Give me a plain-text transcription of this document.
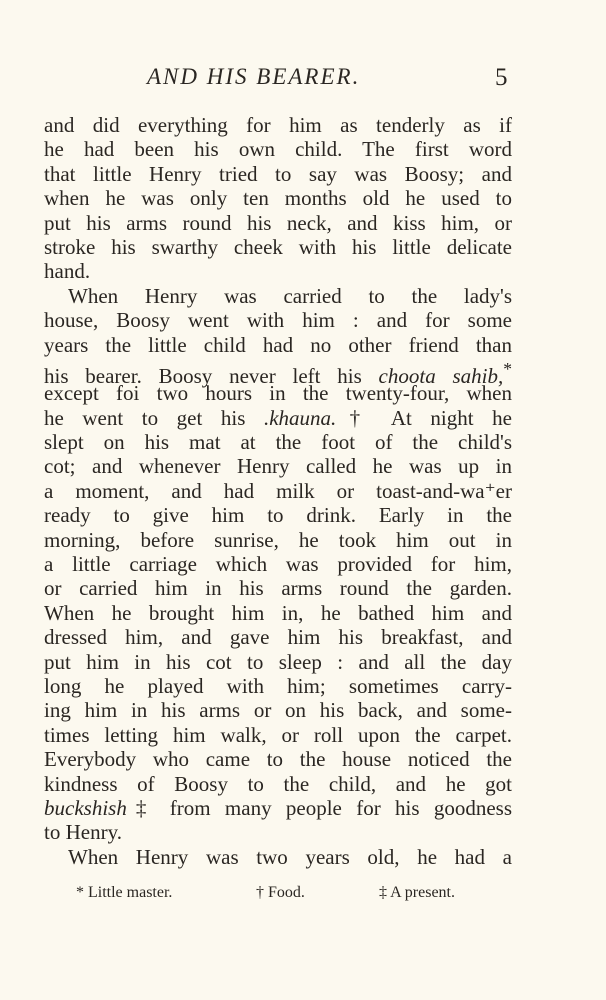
AND HIS BEARER.	5
and did everything for him as tenderly as if
he had been his own child. The first word
that little Henry tried to say was Boosy; and
when he was only ten months old he used to
put his arms round his neck, and kiss him, or
stroke his swarthy cheek with his little delicate
hand.
When Henry was carried to the lady's
house, Boosy went with him : and for some
years the little child had no other friend than
his bearer. Boosy never left his choota sahib,*
except foi two hours in the twenty-four, when
he went to get his .khauna.† At night he
slept on his mat at the foot of the child's
cot; and whenever Henry called he was up in
a moment, and had milk or toast-and-wa⁺er
ready to give him to drink. Early in the
morning, before sunrise, he took him out in
a little carriage which was provided for him,
or carried him in his arms round the garden.
When he brought him in, he bathed him and
dressed him, and gave him his breakfast, and
put him in his cot to sleep : and all the day
long he played with him; sometimes carry-
ing him in his arms or on his back, and some-
times letting him walk, or roll upon the carpet.
Everybody who came to the house noticed the
kindness of Boosy to the child, and he got
buckshish‡ from many people for his goodness
to Henry.
When Henry was two years old, he had a
* Little master.	† Food.	‡ A present.
